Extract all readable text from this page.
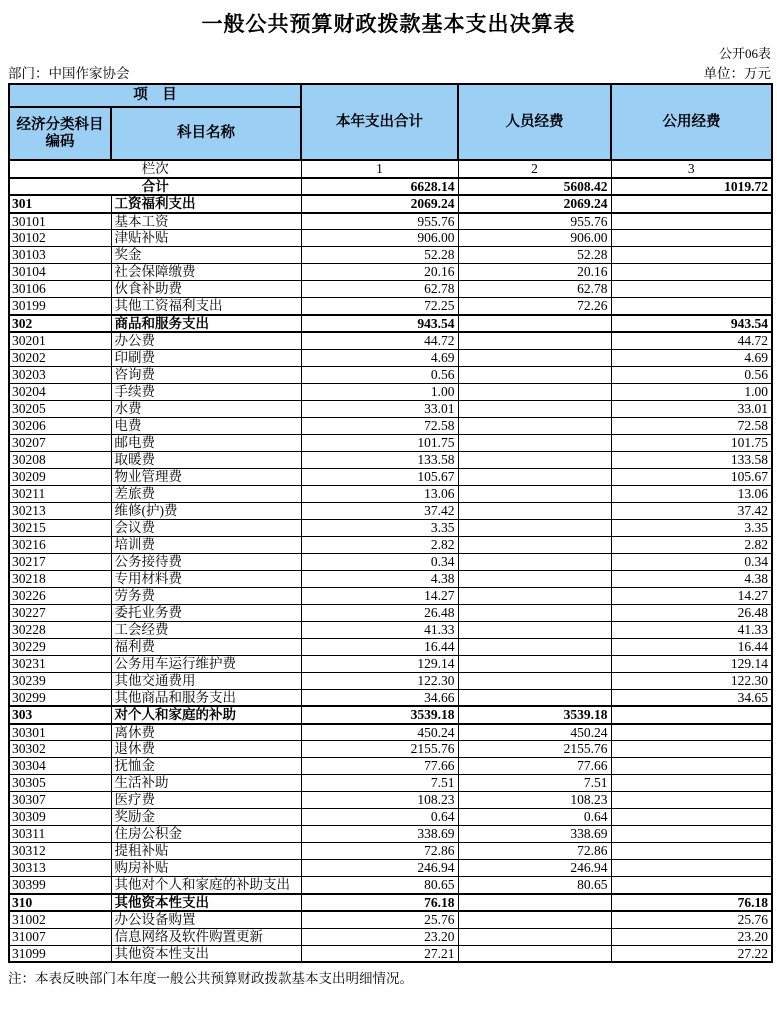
一般公共预算财政拨款基本支出决算表
公开06表
部门：中国作家协会	单位：万元
项　目		本年支出合计	人员经费	公用经费
经济分类科目
编码	科目名称			
栏次		1	2	3
合计		6628.14	5608.42	1019.72
301	工资福利支出	2069.24	2069.24	
30101	基本工资	955.76	955.76	
30102	津贴补贴	906.00	906.00	
30103	奖金	52.28	52.28	
30104	社会保障缴费	20.16	20.16	
30106	伙食补助费	62.78	62.78	
30199	其他工资福利支出	72.25	72.26	
302	商品和服务支出	943.54		943.54
30201	办公费	44.72		44.72
30202	印刷费	4.69		4.69
30203	咨询费	0.56		0.56
30204	手续费	1.00		1.00
30205	水费	33.01		33.01
30206	电费	72.58		72.58
30207	邮电费	101.75		101.75
30208	取暖费	133.58		133.58
30209	物业管理费	105.67		105.67
30211	差旅费	13.06		13.06
30213	维修(护)费	37.42		37.42
30215	会议费	3.35		3.35
30216	培训费	2.82		2.82
30217	公务接待费	0.34		0.34
30218	专用材料费	4.38		4.38
30226	劳务费	14.27		14.27
30227	委托业务费	26.48		26.48
30228	工会经费	41.33		41.33
30229	福利费	16.44		16.44
30231	公务用车运行维护费	129.14		129.14
30239	其他交通费用	122.30		122.30
30299	其他商品和服务支出	34.66		34.65
303	对个人和家庭的补助	3539.18	3539.18	
30301	离休费	450.24	450.24	
30302	退休费	2155.76	2155.76	
30304	抚恤金	77.66	77.66	
30305	生活补助	7.51	7.51	
30307	医疗费	108.23	108.23	
30309	奖励金	0.64	0.64	
30311	住房公积金	338.69	338.69	
30312	提租补贴	72.86	72.86	
30313	购房补贴	246.94	246.94	
30399	其他对个人和家庭的补助支出	80.65	80.65	
310	其他资本性支出	76.18		76.18
31002	办公设备购置	25.76		25.76
31007	信息网络及软件购置更新	23.20		23.20
31099	其他资本性支出	27.21		27.22
注：本表反映部门本年度一般公共预算财政拨款基本支出明细情况。
